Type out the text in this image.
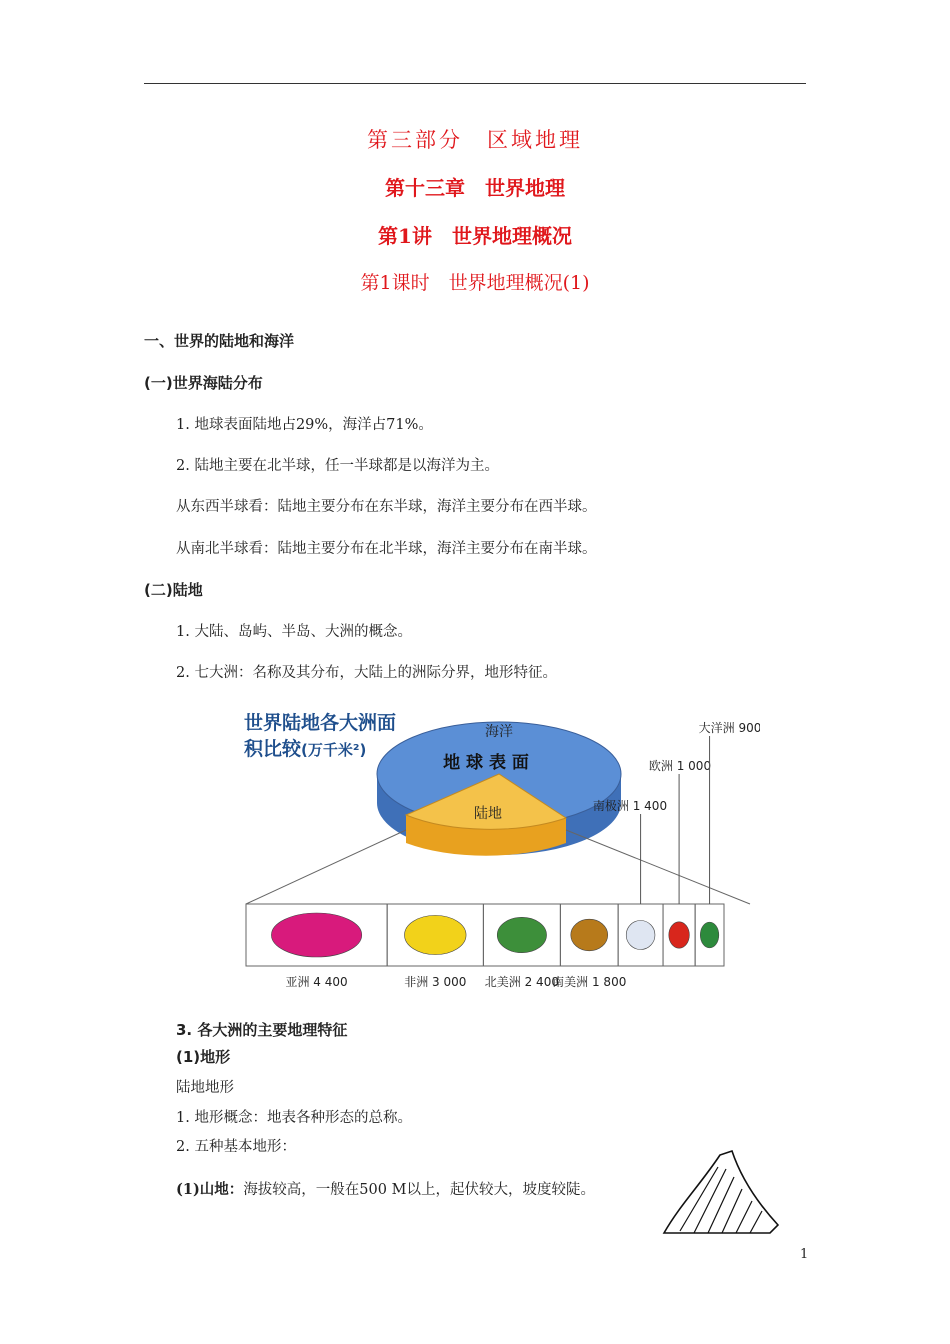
第三部分　区域地理
第十三章　世界地理
第1讲　世界地理概况
第1课时　世界地理概况(1)
一、世界的陆地和海洋
(一)世界海陆分布
1. 地球表面陆地占29%，海洋占71%。
2. 陆地主要在北半球，任一半球都是以海洋为主。
从东西半球看：陆地主要分布在东半球，海洋主要分布在西半球。
从南北半球看：陆地主要分布在北半球，海洋主要分布在南半球。
(二)陆地
1. 大陆、岛屿、半岛、大洲的概念。
2. 七大洲：名称及其分布，大陆上的洲际分界，地形特征。
世界陆地各大洲面
积比较(万千米²)
海洋
地 球 表 面
陆地
亚洲 4 400	非洲 3 000 北美洲 2 400
南美洲 1 800
南极洲 1 400
欧洲 1 000
大洋洲 900
3. 各大洲的主要地理特征
(1)地形
陆地地形
1. 地形概念：地表各种形态的总称。
2. 五种基本地形：
(1)山地：海拔较高，一般在500 M以上，起伏较大，坡度较陡。
1
